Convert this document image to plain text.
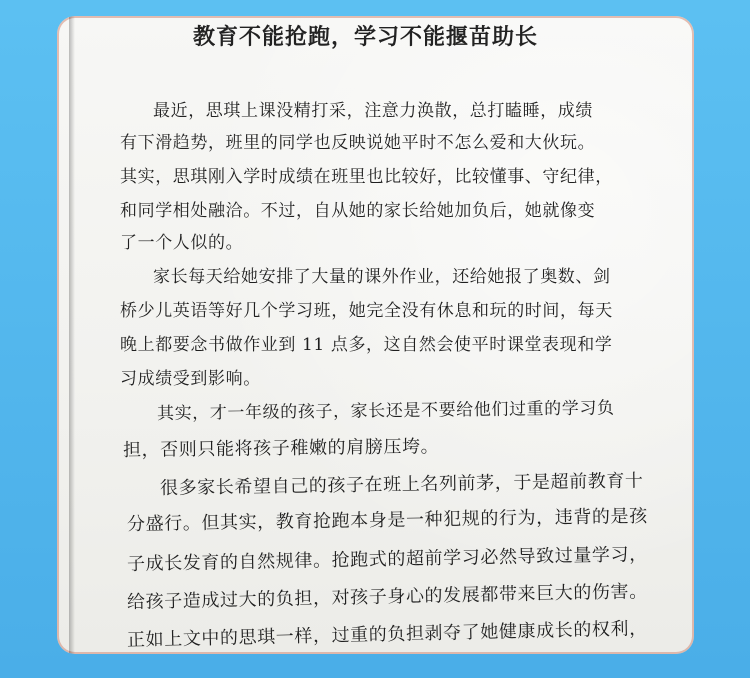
教育不能抢跑，学习不能揠苗助长
最近，思琪上课没精打采，注意力涣散，总打瞌睡，成绩
有下滑趋势，班里的同学也反映说她平时不怎么爱和大伙玩。
其实，思琪刚入学时成绩在班里也比较好，比较懂事、守纪律，
和同学相处融洽。不过，自从她的家长给她加负后，她就像变
了一个人似的。
家长每天给她安排了大量的课外作业，还给她报了奥数、剑
桥少儿英语等好几个学习班，她完全没有休息和玩的时间，每天
晚上都要念书做作业到 11 点多，这自然会使平时课堂表现和学
习成绩受到影响。
其实，才一年级的孩子，家长还是不要给他们过重的学习负
担，否则只能将孩子稚嫩的肩膀压垮。
很多家长希望自己的孩子在班上名列前茅，于是超前教育十
分盛行。但其实，教育抢跑本身是一种犯规的行为，违背的是孩
子成长发育的自然规律。抢跑式的超前学习必然导致过量学习，
给孩子造成过大的负担，对孩子身心的发展都带来巨大的伤害。
正如上文中的思琪一样，过重的负担剥夺了她健康成长的权利，
